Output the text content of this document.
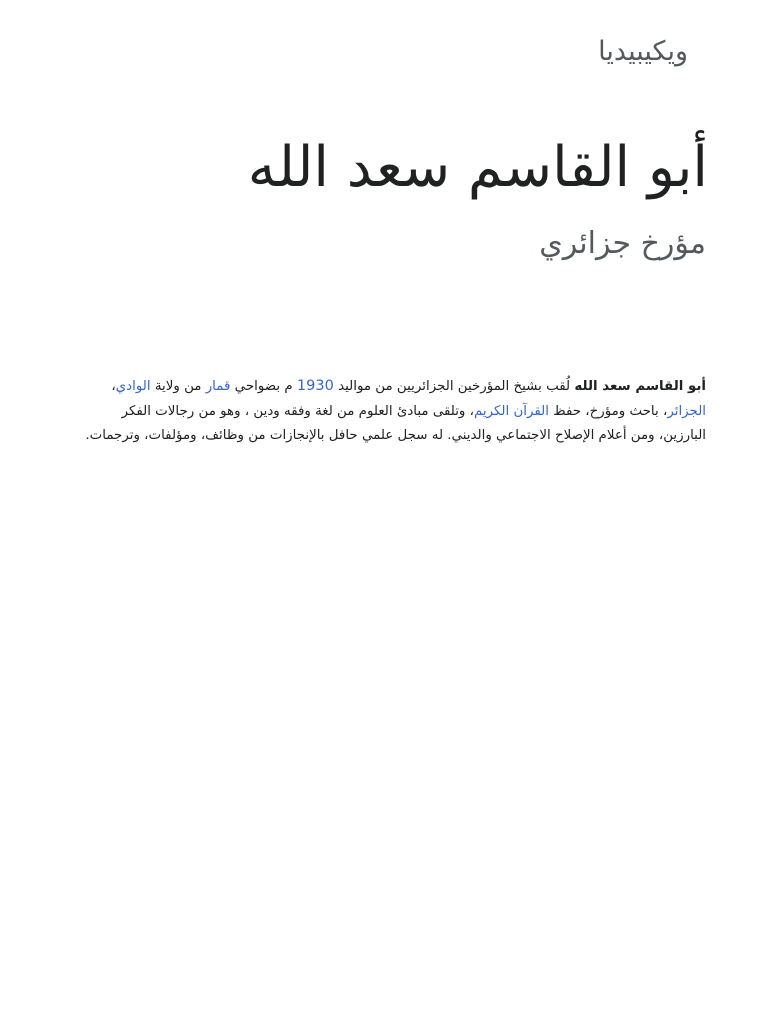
ويكيبيديا
أبو القاسم سعد الله
مؤرخ جزائري

أبو القاسم سعد الله لُقب بشيخ المؤرخين الجزائريين من مواليد 1930 م بضواحي قمار من ولاية الوادي، الجزائر، باحث ومؤرخ، حفظ القرآن الكريم، وتلقى مبادئ العلوم من لغة وفقه ودين ، وهو من رجالات الفكر البارزين، ومن أعلام الإصلاح الاجتماعي والديني. له سجل علمي حافل بالإنجازات من وظائف، ومؤلفات، وترجمات.
